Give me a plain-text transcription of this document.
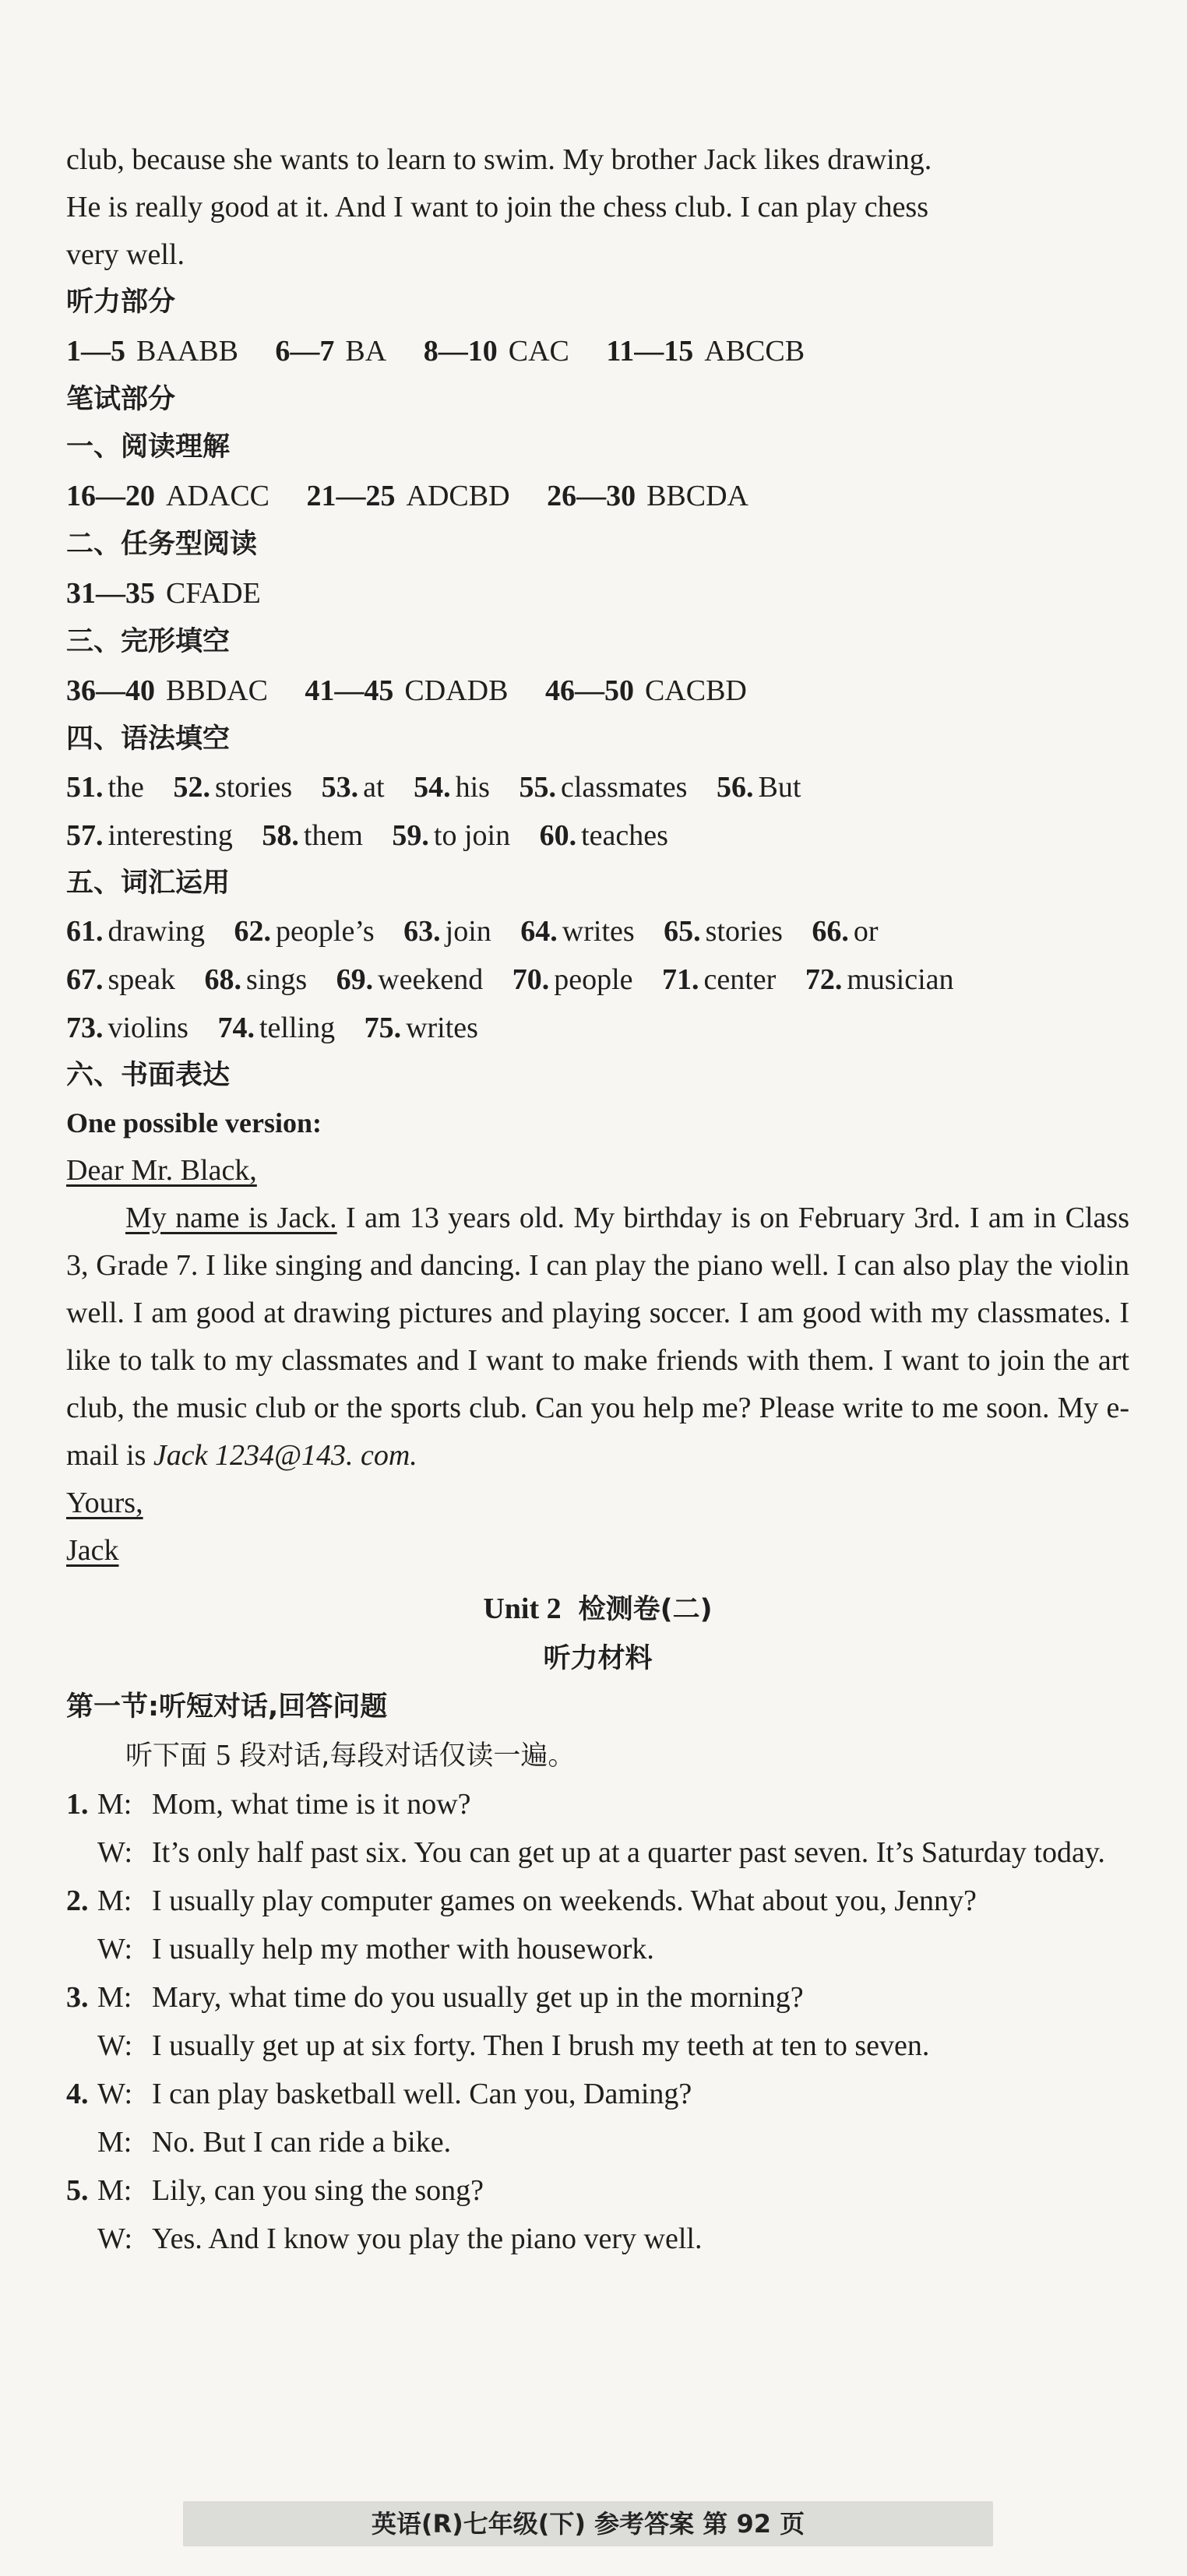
club, because she wants to learn to swim. My brother Jack likes drawing.
He is really good at it. And I want to join the chess club. I can play chess
very well.
听力部分
1—5 BAABB 6—7 BA 8—10 CAC 11—15 ABCCB
笔试部分
一、阅读理解
16—20 ADACC 21—25 ADCBD 26—30 BBCDA
二、任务型阅读
31—35 CFADE
三、完形填空
36—40 BBDAC 41—45 CDADB 46—50 CACBD
四、语法填空
51. the 52. stories 53. at 54. his 55. classmates 56. But
57. interesting 58. them 59. to join 60. teaches
五、词汇运用
61. drawing 62. people’s 63. join 64. writes 65. stories 66. or
67. speak 68. sings 69. weekend 70. people 71. center 72. musician
73. violins 74. telling 75. writes
六、书面表达
One possible version:
Dear Mr. Black,
My name is Jack. I am 13 years old. My birthday is on February 3rd. I am in Class 3, Grade 7. I like singing and dancing. I can play the piano well. I can also play the violin well. I am good at drawing pictures and playing soccer. I am good with my classmates. I like to talk to my classmates and I want to make friends with them. I want to join the art club, the music club or the sports club. Can you help me? Please write to me soon. My e-mail is Jack 1234@143. com.
Yours,
Jack
Unit 2 检测卷(二)
听力材料
第一节:听短对话,回答问题
听下面 5 段对话,每段对话仅读一遍。
1. M: Mom, what time is it now?
W: It’s only half past six. You can get up at a quarter past seven. It’s Saturday today.
2. M: I usually play computer games on weekends. What about you, Jenny?
W: I usually help my mother with housework.
3. M: Mary, what time do you usually get up in the morning?
W: I usually get up at six forty. Then I brush my teeth at ten to seven.
4. W: I can play basketball well. Can you, Daming?
M: No. But I can ride a bike.
5. M: Lily, can you sing the song?
W: Yes. And I know you play the piano very well.
英语(R)七年级(下) 参考答案 第 92 页
